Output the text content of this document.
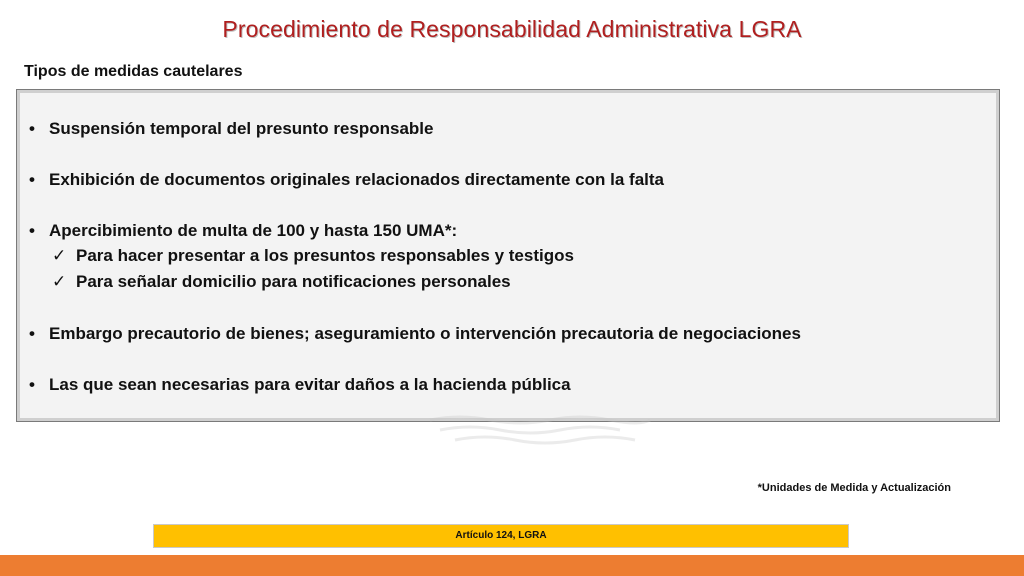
Procedimiento de Responsabilidad Administrativa LGRA
Tipos de medidas cautelares
• Suspensión temporal del presunto responsable
• Exhibición de documentos originales relacionados directamente con la falta
• Apercibimiento de multa de 100 y hasta 150 UMA*:
✓ Para hacer presentar a los presuntos responsables y testigos
✓ Para señalar domicilio para notificaciones personales
• Embargo precautorio de bienes; aseguramiento o intervención precautoria de negociaciones
• Las que sean necesarias para evitar daños a la hacienda pública
*Unidades de Medida y Actualización
Artículo 124, LGRA
